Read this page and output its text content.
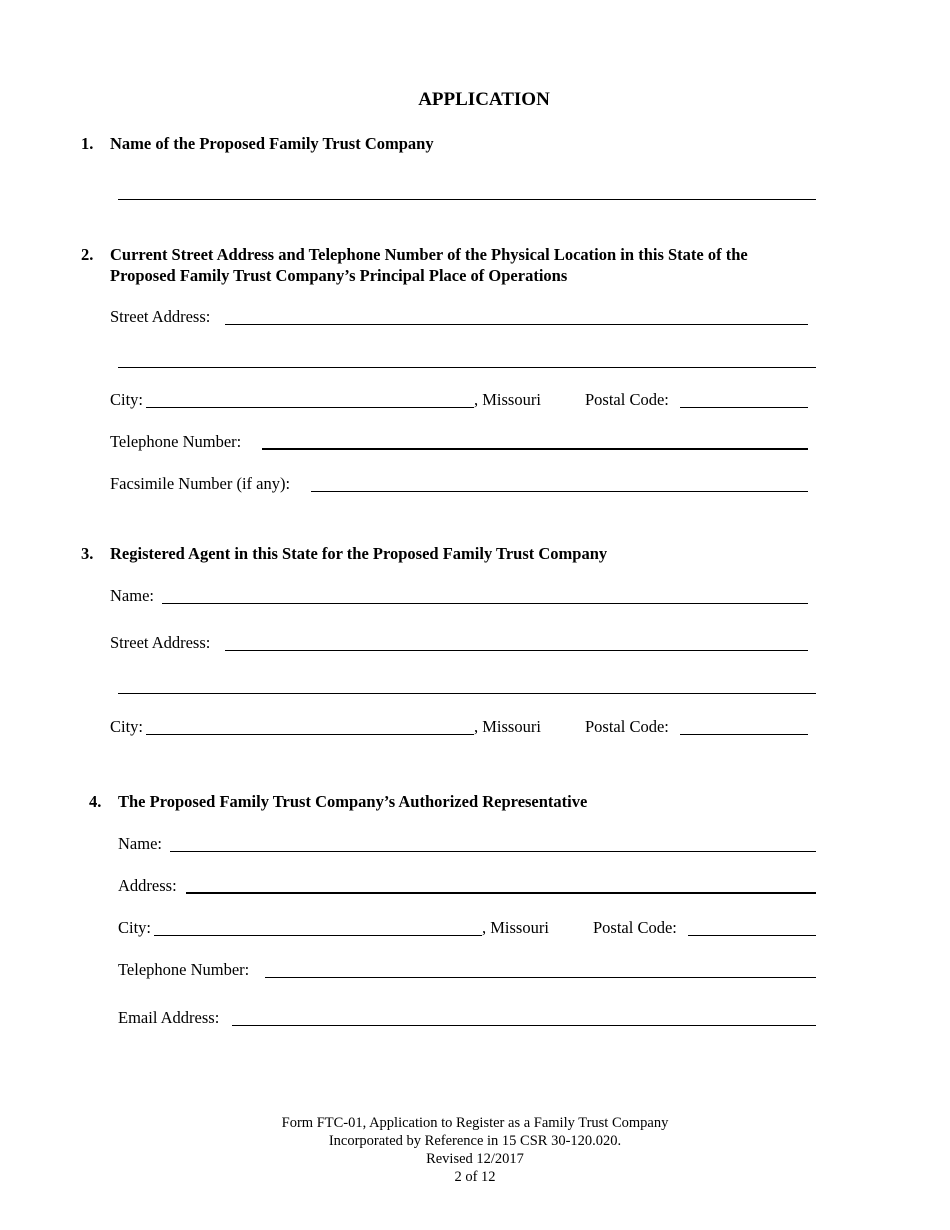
APPLICATION
1. Name of the Proposed Family Trust Company
2. Current Street Address and Telephone Number of the Physical Location in this State of the
Proposed Family Trust Company’s Principal Place of Operations
Street Address:
City:	, Missouri	Postal Code:
Telephone Number:
Facsimile Number (if any):
3. Registered Agent in this State for the Proposed Family Trust Company
Name:
Street Address:
City:	, Missouri	Postal Code:
4. The Proposed Family Trust Company’s Authorized Representative
Name:
Address:
City:	, Missouri	Postal Code:
Telephone Number:
Email Address:
Form FTC-01, Application to Register as a Family Trust Company
Incorporated by Reference in 15 CSR 30-120.020.
Revised 12/2017
2 of 12
